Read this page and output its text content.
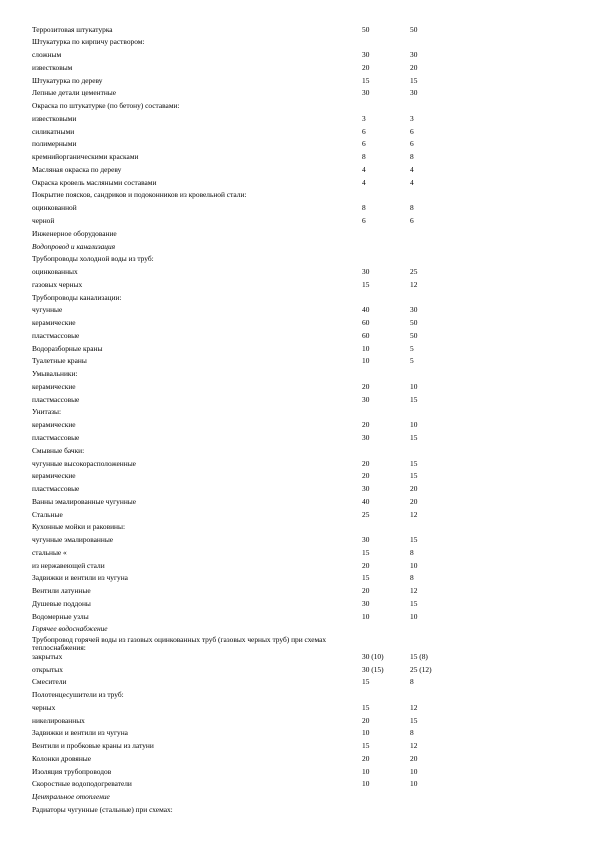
Террозитовая штукатурка	50	50
Штукатурка по кирпичу раствором:
сложным	30	30
известковым	20	20
Штукатурка по дереву	15	15
Лепные детали цементные	30	30
Окраска по штукатурке (по бетону) составами:
известковыми	3	3
силикатными	6	6
полимерными	6	6
кремнийорганическими красками	8	8
Масляная окраска по дереву	4	4
Окраска кровель масляными составами	4	4
Покрытие поясков, сандриков и подоконников из кровельной стали:
оцинкованной	8	8
черной	6	6
Инженерное оборудование
Водопровод и канализация
Трубопроводы холодной воды из труб:
оцинкованных	30	25
газовых черных	15	12
Трубопроводы канализации:
чугунные	40	30
керамические	60	50
пластмассовые	60	50
Водоразборные краны	10	5
Туалетные краны	10	5
Умывальники:
керамические	20	10
пластмассовые	30	15
Унитазы:
керамические	20	10
пластмассовые	30	15
Смывные бачки:
чугунные высокорасположенные	20	15
керамические	20	15
пластмассовые	30	20
Ванны эмалированные чугунные	40	20
Стальные	25	12
Кухонные мойки и раковины:
чугунные эмалированные	30	15
стальные «	15	8
из нержавеющей стали	20	10
Задвижки и вентили из чугуна	15	8
Вентили латунные	20	12
Душевые поддоны	30	15
Водомерные узлы	10	10
Горячее водоснабжение
Трубопровод горячей воды из газовых оцинкованных труб (газовых черных труб) при схемах теплоснабжения:
закрытых	30 (10)	15 (8)
открытых	30 (15)	25 (12)
Смесители	15	8
Полотенцесушители из труб:
черных	15	12
никелированных	20	15
Задвижки и вентили из чугуна	10	8
Вентили и пробковые краны из латуни	15	12
Колонки дровяные	20	20
Изоляция трубопроводов	10	10
Скоростные водоподогреватели	10	10
Центральное отопление
Радиаторы чугунные (стальные) при схемах:
